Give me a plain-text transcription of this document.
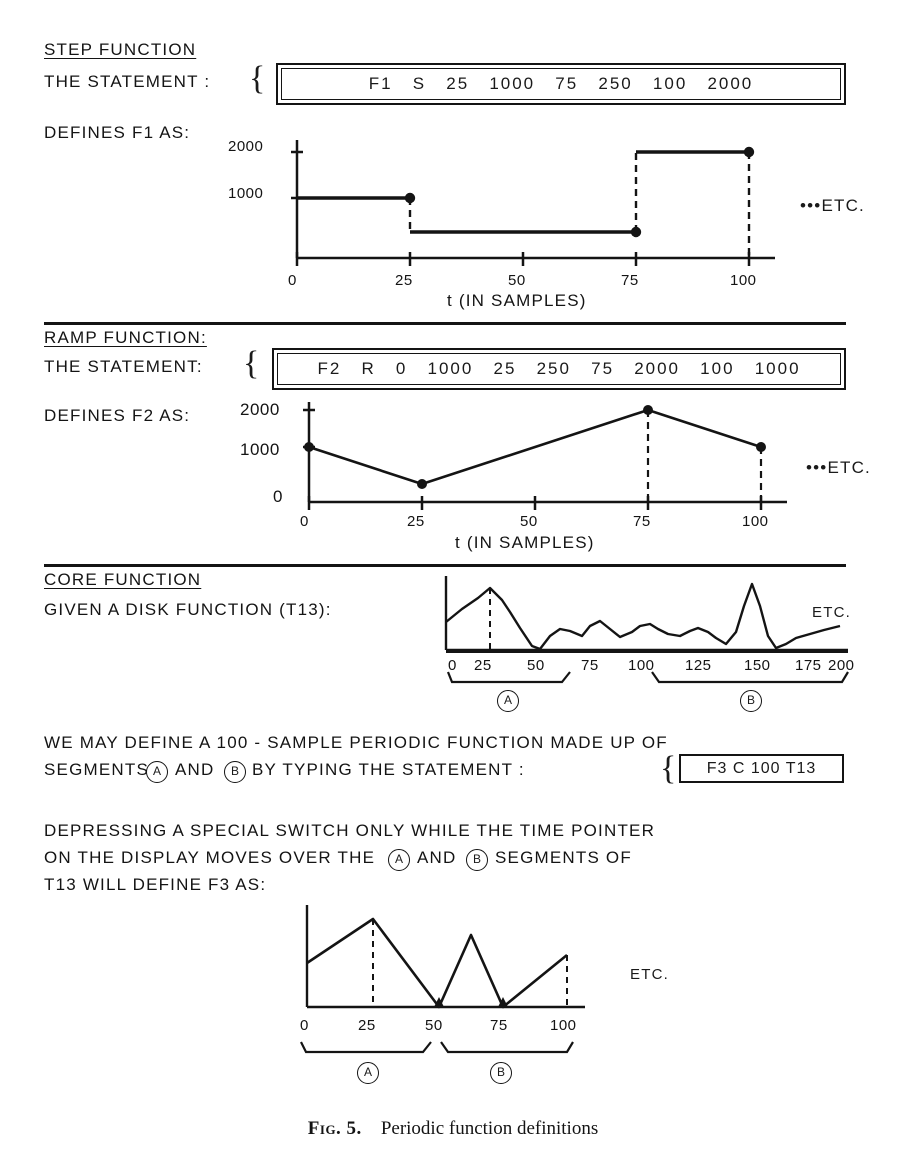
STEP FUNCTION
THE STATEMENT : {	F1   S   25   1000   75   250   100   2000
DEFINES F1 AS:
2000
1000
0	25	50	75	100
•••ETC.
t (IN SAMPLES)
RAMP FUNCTION:
THE STATEMENT: {	F2   R   0   1000   25   250   75   2000   100   1000
DEFINES F2 AS:	2000
1000
0
0	25	50	75	100
•••ETC.
t (IN SAMPLES)
CORE FUNCTION
GIVEN A DISK FUNCTION (T13):	ETC.
0 25 50 75 100 125 150 175 200
A	B
WE MAY DEFINE A 100 - SAMPLE PERIODIC FUNCTION MADE UP OF
SEGMENTS A AND	B BY TYPING THE STATEMENT :	{	F3 C 100 T13
DEPRESSING A SPECIAL SWITCH ONLY WHILE THE TIME POINTER
ON THE DISPLAY MOVES OVER THE	A AND	B SEGMENTS OF
T13 WILL DEFINE F3 AS:
0	25	50	75	100
ETC.
A	B
Fig. 5. Periodic function definitions
